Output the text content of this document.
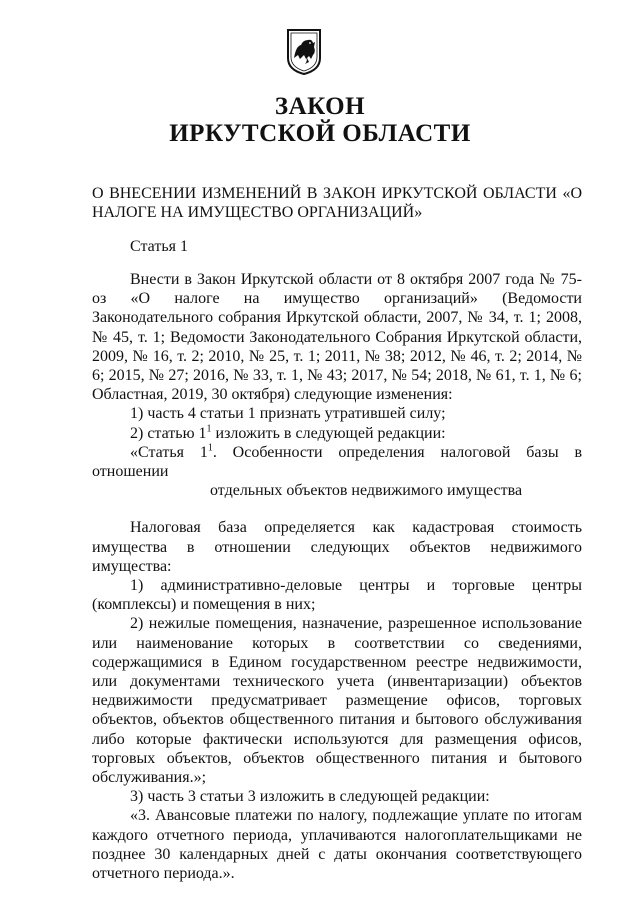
ЗАКОН
ИРКУТСКОЙ ОБЛАСТИ
О ВНЕСЕНИИ ИЗМЕНЕНИЙ В ЗАКОН ИРКУТСКОЙ ОБЛАСТИ «О НАЛОГЕ НА ИМУЩЕСТВО ОРГАНИЗАЦИЙ»
Статья 1

Внести в Закон Иркутской области от 8 октября 2007 года № 75-оз «О налоге на имущество организаций» (Ведомости Законодательного собрания Иркутской области, 2007, № 34, т. 1; 2008, № 45, т. 1; Ведомости Законодательного Собрания Иркутской области, 2009, № 16, т. 2; 2010, № 25, т. 1; 2011, № 38; 2012, № 46, т. 2; 2014, № 6; 2015, № 27; 2016, № 33, т. 1, № 43; 2017, № 54; 2018, № 61, т. 1, № 6; Областная, 2019, 30 октября) следующие изменения:

1) часть 4 статьи 1 признать утратившей силу;

2) статью $1^1$ изложить в следующей редакции:

«Статья $1^1$. Особенности определения налоговой базы в отношении

отдельных объектов недвижимого имущества

Налоговая база определяется как кадастровая стоимость имущества в отношении следующих объектов недвижимого имущества:

1) административно-деловые центры и торговые центры (комплексы) и помещения в них;

2) нежилые помещения, назначение, разрешенное использование или наименование которых в соответствии со сведениями, содержащимися в Едином государственном реестре недвижимости, или документами технического учета (инвентаризации) объектов недвижимости предусматривает размещение офисов, торговых объектов, объектов общественного питания и бытового обслуживания либо которые фактически используются для размещения офисов, торговых объектов, объектов общественного питания и бытового обслуживания.»;

3) часть 3 статьи 3 изложить в следующей редакции:

«3. Авансовые платежи по налогу, подлежащие уплате по итогам каждого отчетного периода, уплачиваются налогоплательщиками не позднее 30 календарных дней с даты окончания соответствующего отчетного периода.».
